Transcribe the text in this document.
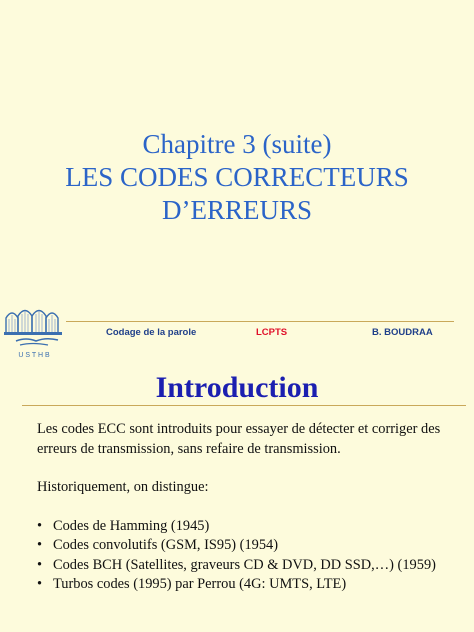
Chapitre 3 (suite)
LES CODES CORRECTEURS
D’ERREURS
U S T H B
Codage de la parole	LCPTS	B. BOUDRAA
Introduction

Les codes ECC sont introduits pour essayer de détecter et corriger des erreurs de transmission, sans refaire de transmission.

Historiquement, on distingue:

• Codes de Hamming (1945)
• Codes convolutifs (GSM, IS95) (1954)
• Codes BCH (Satellites, graveurs CD & DVD, DD SSD,…) (1959)
• Turbos codes (1995) par Perrou (4G: UMTS, LTE)
